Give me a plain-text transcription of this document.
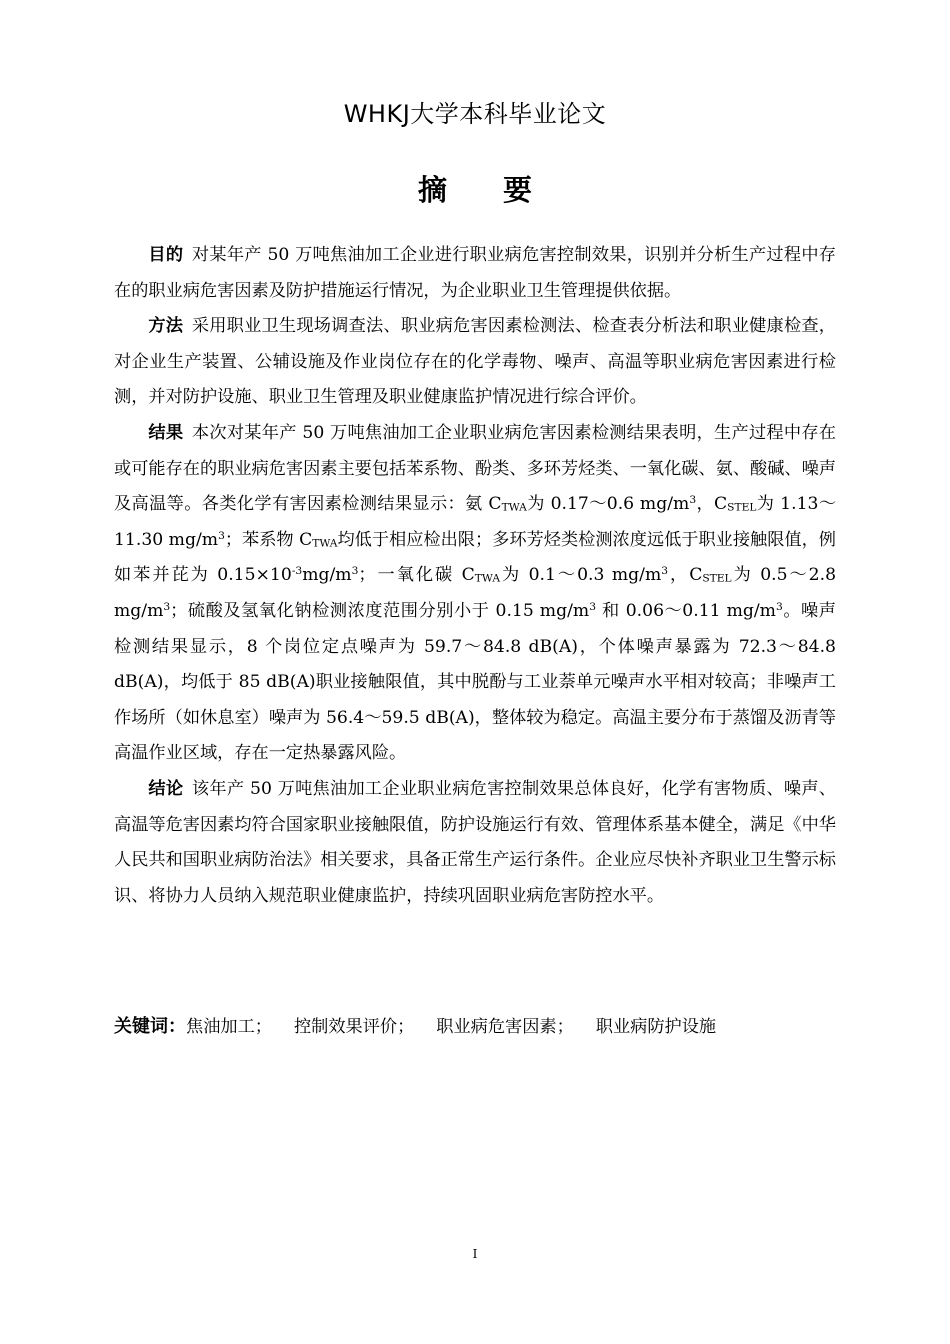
WHKJ大学本科毕业论文
摘 要

目的 对某年产 50 万吨焦油加工企业进行职业病危害控制效果，识别并分析生产过程中存在的职业病危害因素及防护措施运行情况，为企业职业卫生管理提供依据。

方法 采用职业卫生现场调查法、职业病危害因素检测法、检查表分析法和职业健康检查，对企业生产装置、公辅设施及作业岗位存在的化学毒物、噪声、高温等职业病危害因素进行检测，并对防护设施、职业卫生管理及职业健康监护情况进行综合评价。

结果 本次对某年产 50 万吨焦油加工企业职业病危害因素检测结果表明，生产过程中存在或可能存在的职业病危害因素主要包括苯系物、酚类、多环芳烃类、一氧化碳、氨、酸碱、噪声及高温等。各类化学有害因素检测结果显示：氨 $C_{TWA}$为 0.17～0.6 $mg/m^3$，$C_{STEL}$为 1.13～11.30 $mg/m^3$；苯系物 $C_{TWA}$均低于相应检出限；多环芳烃类检测浓度远低于职业接触限值，例如苯并芘为 $0.15\times 10^{-3}mg/m^3$；一氧化碳 $C_{TWA}$为 0.1～0.3 $mg/m^3$，$C_{STEL}$为 0.5～2.8 $mg/m^3$；硫酸及氢氧化钠检测浓度范围分别小于 0.15 $mg/m^3$ 和 0.06～0.11 $mg/m^3$。噪声检测结果显示，8 个岗位定点噪声为 59.7～84.8 dB(A)，个体噪声暴露为 72.3～84.8 dB(A)，均低于 85 dB(A)职业接触限值，其中脱酚与工业萘单元噪声水平相对较高；非噪声工作场所（如休息室）噪声为 56.4～59.5 dB(A)，整体较为稳定。高温主要分布于蒸馏及沥青等高温作业区域，存在一定热暴露风险。

结论 该年产 50 万吨焦油加工企业职业病危害控制效果总体良好，化学有害物质、噪声、高温等危害因素均符合国家职业接触限值，防护设施运行有效、管理体系基本健全，满足《中华人民共和国职业病防治法》相关要求，具备正常生产运行条件。企业应尽快补齐职业卫生警示标识、将协力人员纳入规范职业健康监护，持续巩固职业病危害防控水平。

关键词：焦油加工； 控制效果评价； 职业病危害因素； 职业病防护设施
I
